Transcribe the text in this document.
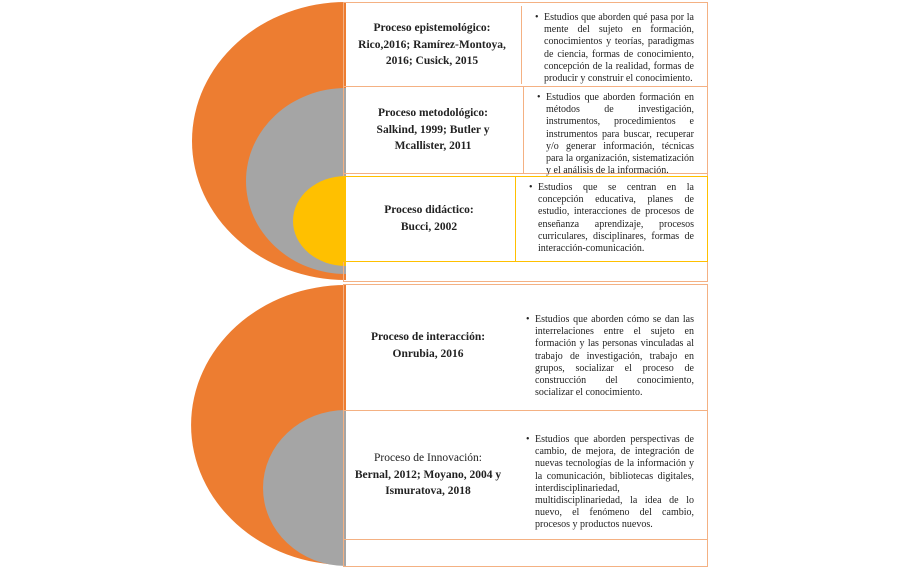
Proceso epistemológico:
Rico,2016; Ramírez-Montoya, 2016; Cusick, 2015
• Estudios que aborden qué pasa por la mente del sujeto en formación, conocimientos y teorías, paradigmas de ciencia, formas de conocimiento, concepción de la realidad, formas de producir y construir el conocimiento.
Proceso metodológico:
Salkind, 1999; Butler y Mcallister, 2011
• Estudios que aborden formación en métodos de investigación, instrumentos, procedimientos e instrumentos para buscar, recuperar y/o generar información, técnicas para la organización, sistematización y el análisis de la información.
Proceso didáctico:
Bucci, 2002
• Estudios que se centran en la concepción educativa, planes de estudio, interacciones de procesos de enseñanza aprendizaje, procesos curriculares, disciplinares, formas de interacción-comunicación.
Proceso de interacción:
Onrubia, 2016
• Estudios que aborden cómo se dan las interrelaciones entre el sujeto en formación y las personas vinculadas al trabajo de investigación, trabajo en grupos, socializar el proceso de construcción del conocimiento, socializar el conocimiento.
Proceso de Innovación:
Bernal, 2012; Moyano, 2004 y Ismuratova, 2018
• Estudios que aborden perspectivas de cambio, de mejora, de integración de nuevas tecnologías de la información y la comunicación, bibliotecas digitales, interdisciplinariedad, multidisciplinariedad, la idea de lo nuevo, el fenómeno del cambio, procesos y productos nuevos.
